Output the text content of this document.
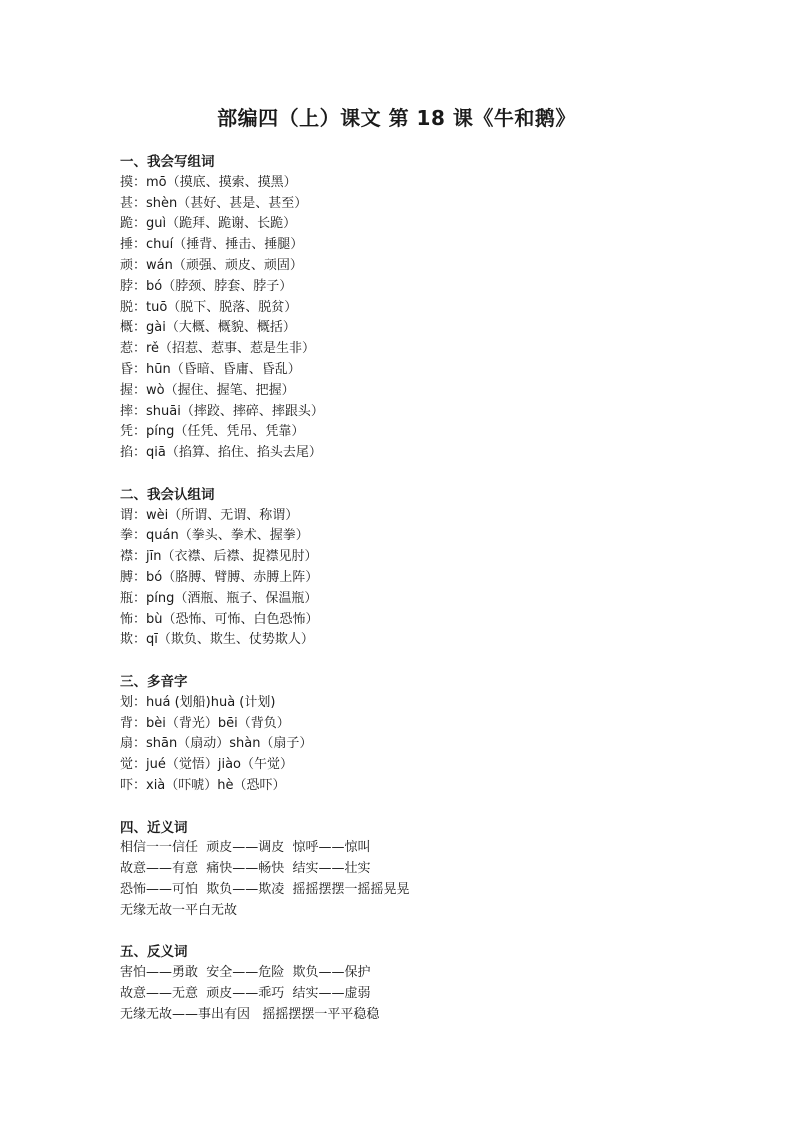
部编四（上）课文 第 18 课《牛和鹅》
一、我会写组词
摸：mō（摸底、摸索、摸黑）
甚：shèn（甚好、甚是、甚至）
跪：guì（跪拜、跪谢、长跪）
捶：chuí（捶背、捶击、捶腿）
顽：wán（顽强、顽皮、顽固）
脖：bó（脖颈、脖套、脖子）
脱：tuō（脱下、脱落、脱贫）
概：gài（大概、概貌、概括）
惹：rě（招惹、惹事、惹是生非）
昏：hūn（昏暗、昏庸、昏乱）
握：wò（握住、握笔、把握）
摔：shuāi（摔跤、摔碎、摔跟头）
凭：píng（任凭、凭吊、凭靠）
掐：qiā（掐算、掐住、掐头去尾）
二、我会认组词
谓：wèi（所谓、无谓、称谓）
拳：quán（拳头、拳术、握拳）
襟：jīn（衣襟、后襟、捉襟见肘）
膊：bó（胳膊、臂膊、赤膊上阵）
瓶：píng（酒瓶、瓶子、保温瓶）
怖：bù（恐怖、可怖、白色恐怖）
欺：qī（欺负、欺生、仗势欺人）
三、多音字
划：huá (划船)huà (计划)
背：bèi（背光）bēi（背负）
扇：shān（扇动）shàn（扇子）
觉：jué（觉悟）jiào（午觉）
吓：xià（吓唬）hè（恐吓）
四、近义词
相信一一信任  顽皮——调皮  惊呼——惊叫
故意——有意  痛快——畅快  结实——壮实
恐怖——可怕  欺负——欺凌  摇摇摆摆一摇摇晃晃
无缘无故一平白无故
五、反义词
害怕——勇敢  安全——危险  欺负——保护
故意——无意  顽皮——乖巧  结实——虚弱
无缘无故——事出有因   摇摇摆摆一平平稳稳
